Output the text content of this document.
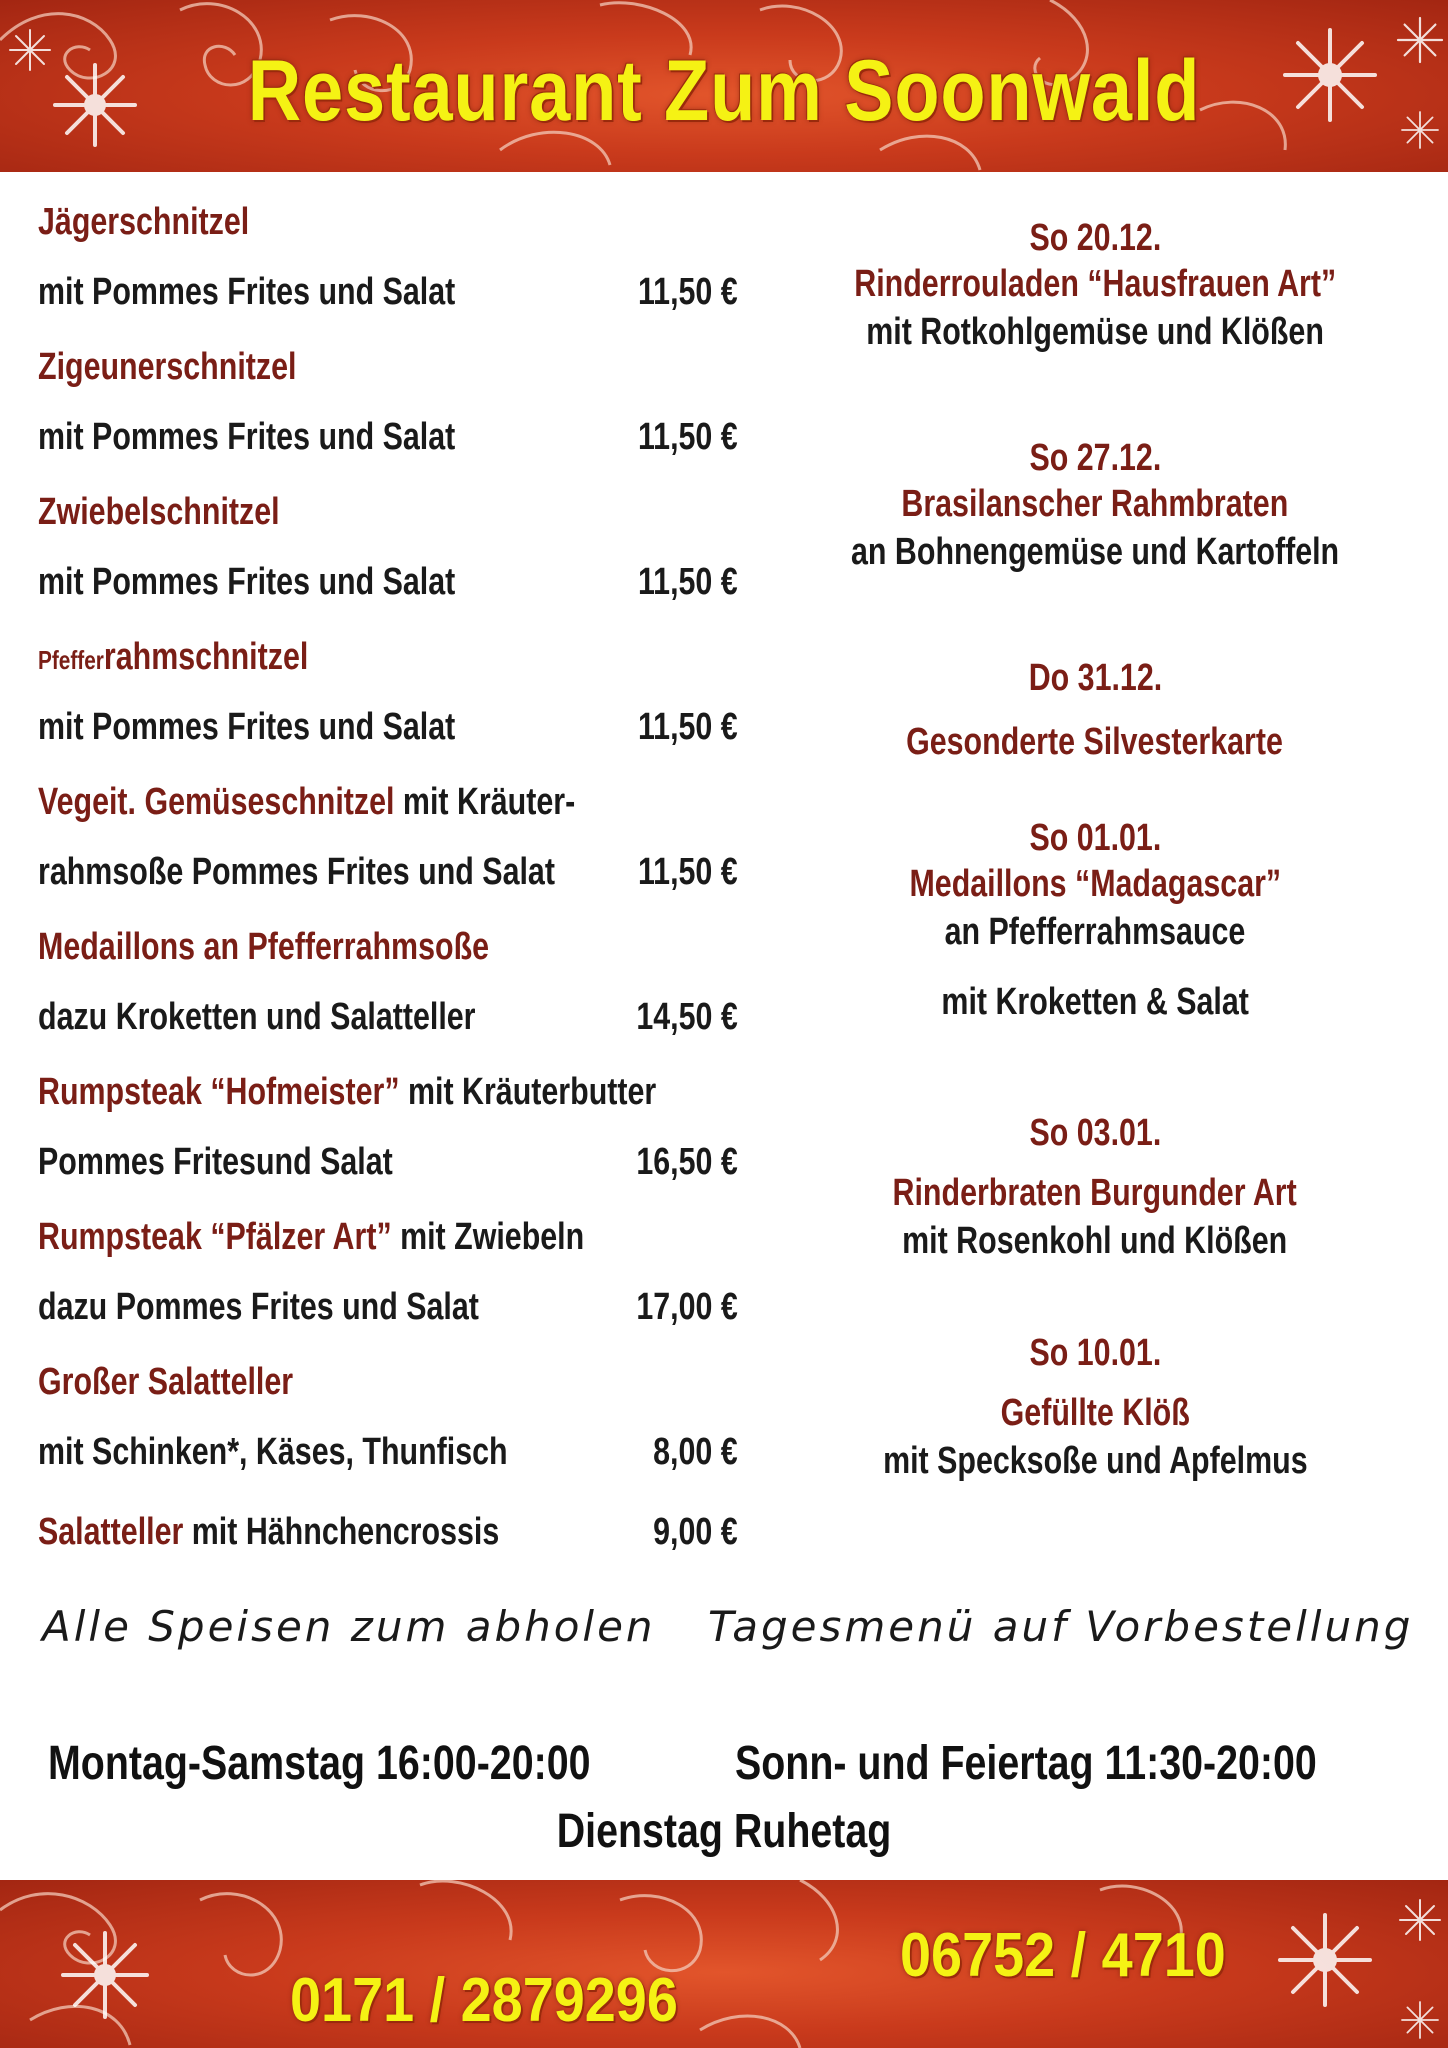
Restaurant Zum Soonwald
Jägerschnitzel
mit Pommes Frites und Salat	11,50 €
Zigeunerschnitzel
mit Pommes Frites und Salat	11,50 €
Zwiebelschnitzel
mit Pommes Frites und Salat	11,50 €
Pfefferrahmschnitzel
mit Pommes Frites und Salat	11,50 €
Vegeit. Gemüseschnitzel mit Kräuter-
rahmsoße Pommes Frites und Salat	11,50 €
Medaillons an Pfefferrahmsoße
dazu Kroketten und Salatteller	14,50 €
Rumpsteak “Hofmeister” mit Kräuterbutter
Pommes Fritesund Salat	16,50 €
Rumpsteak “Pfälzer Art” mit Zwiebeln
dazu Pommes Frites und Salat	17,00 €
Großer Salatteller
mit Schinken*, Käses, Thunfisch	8,00 €
Salatteller mit Hähnchencrossis	9,00 €
So 20.12.
Rinderrouladen “Hausfrauen Art”
mit Rotkohlgemüse und Klößen
So 27.12.
Brasilanscher Rahmbraten
an Bohnengemüse und Kartoffeln
Do 31.12.
Gesonderte Silvesterkarte
So 01.01.
Medaillons “Madagascar”
an Pfefferrahmsauce
mit Kroketten & Salat
So 03.01.
Rinderbraten Burgunder Art
mit Rosenkohl und Klößen
So 10.01.
Gefüllte Klöß
mit Specksoße und Apfelmus
Alle Speisen zum abholen Tagesmenü auf Vorbestellung
Montag-Samstag 16:00-20:00	Sonn- und Feiertag 11:30-20:00
Dienstag Ruhetag
06752 / 4710
0171 / 2879296
